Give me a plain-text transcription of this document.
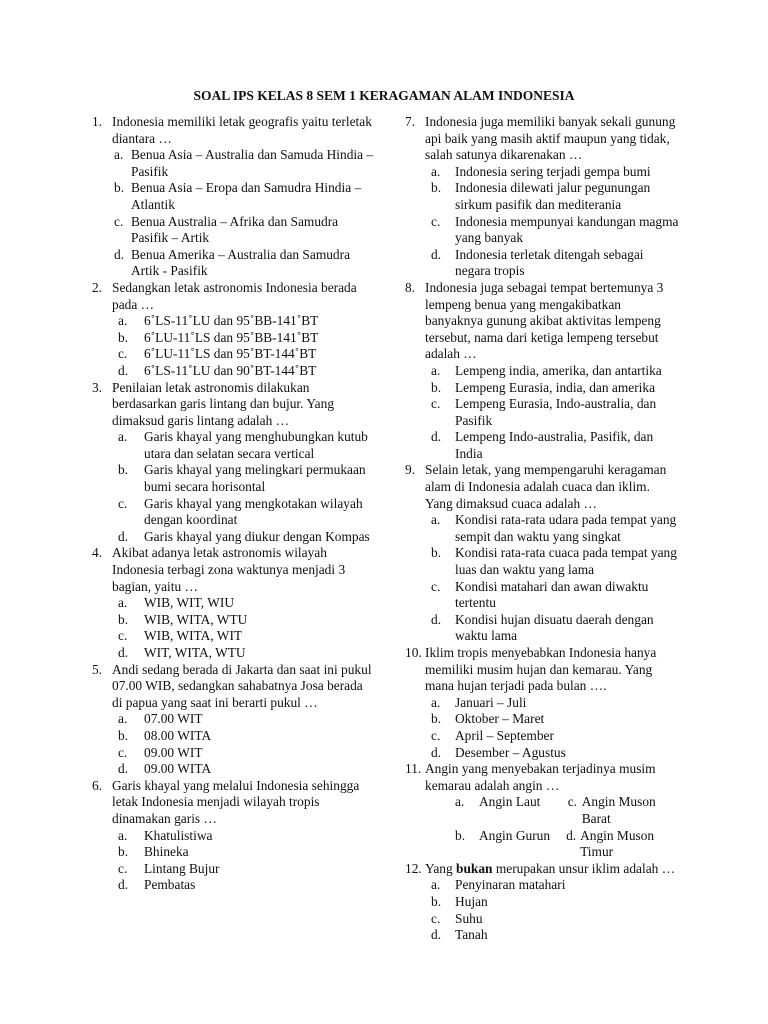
SOAL IPS KELAS 8 SEM 1 KERAGAMAN ALAM INDONESIA
1. Indonesia memiliki letak geografis yaitu terletak diantara …
a. Benua Asia – Australia dan Samuda Hindia – Pasifik
b. Benua Asia – Eropa dan Samudra Hindia – Atlantik
c. Benua Australia – Afrika dan Samudra Pasifik – Artik
d. Benua Amerika – Australia dan Samudra Artik - Pasifik
2. Sedangkan letak astronomis Indonesia berada pada …
a. 6˚LS-11˚LU dan 95˚BB-141˚BT
b. 6˚LU-11˚LS dan 95˚BB-141˚BT
c. 6˚LU-11˚LS dan 95˚BT-144˚BT
d. 6˚LS-11˚LU dan 90˚BT-144˚BT
3. Penilaian letak astronomis dilakukan berdasarkan garis lintang dan bujur. Yang dimaksud garis lintang adalah …
a. Garis khayal yang menghubungkan kutub utara dan selatan secara vertical
b. Garis khayal yang melingkari permukaan bumi secara horisontal
c. Garis khayal yang mengkotakan wilayah dengan koordinat
d. Garis khayal yang diukur dengan Kompas
4. Akibat adanya letak astronomis wilayah Indonesia terbagi zona waktunya menjadi 3 bagian, yaitu …
a. WIB, WIT, WIU
b. WIB, WITA, WTU
c. WIB, WITA, WIT
d. WIT, WITA, WTU
5. Andi sedang berada di Jakarta dan saat ini pukul 07.00 WIB, sedangkan sahabatnya Josa berada di papua yang saat ini berarti pukul …
a. 07.00 WIT
b. 08.00 WITA
c. 09.00 WIT
d. 09.00 WITA
6. Garis khayal yang melalui Indonesia sehingga letak Indonesia menjadi wilayah tropis dinamakan garis …
a. Khatulistiwa
b. Bhineka
c. Lintang Bujur
d. Pembatas
7. Indonesia juga memiliki banyak sekali gunung api baik yang masih aktif maupun yang tidak, salah satunya dikarenakan …
a. Indonesia sering terjadi gempa bumi
b. Indonesia dilewati jalur pegunungan sirkum pasifik dan mediterania
c. Indonesia mempunyai kandungan magma yang banyak
d. Indonesia terletak ditengah sebagai negara tropis
8. Indonesia juga sebagai tempat bertemunya 3 lempeng benua yang mengakibatkan banyaknya gunung akibat aktivitas lempeng tersebut, nama dari ketiga lempeng tersebut adalah …
a. Lempeng india, amerika, dan antartika
b. Lempeng Eurasia, india, dan amerika
c. Lempeng Eurasia, Indo-australia, dan Pasifik
d. Lempeng Indo-australia, Pasifik, dan India
9. Selain letak, yang mempengaruhi keragaman alam di Indonesia adalah cuaca dan iklim. Yang dimaksud cuaca adalah …
a. Kondisi rata-rata udara pada tempat yang sempit dan waktu yang singkat
b. Kondisi rata-rata cuaca pada tempat yang luas dan waktu yang lama
c. Kondisi matahari dan awan diwaktu tertentu
d. Kondisi hujan disuatu daerah dengan waktu lama
10. Iklim tropis menyebabkan Indonesia hanya memiliki musim hujan dan kemarau. Yang mana hujan terjadi pada bulan ….
a. Januari – Juli
b. Oktober – Maret
c. April – September
d. Desember – Agustus
11. Angin yang menyebakan terjadinya musim kemarau adalah angin …
a. Angin Laut	c. Angin Muson Barat
b. Angin Gurun	d. Angin Muson Timur
12. Yang bukan merupakan unsur iklim adalah …
a. Penyinaran matahari
b. Hujan
c. Suhu
d. Tanah
